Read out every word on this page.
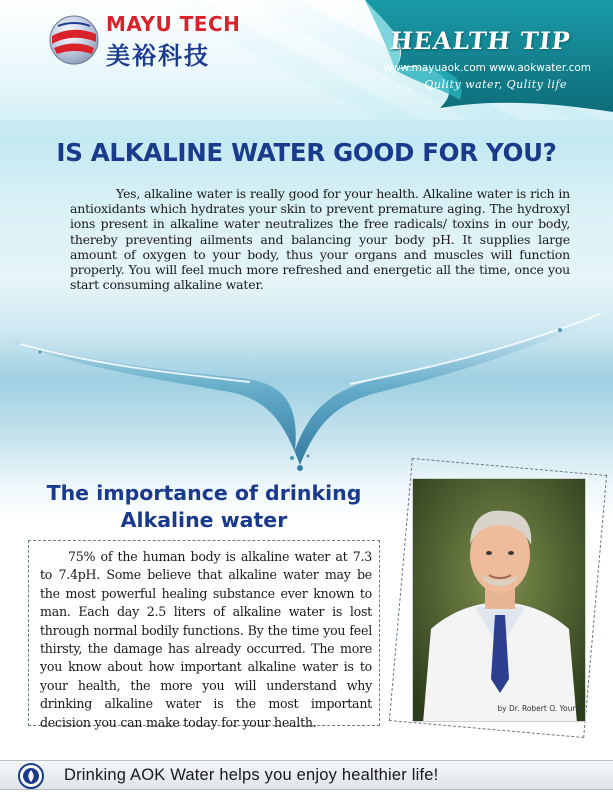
MAYU TECH
美裕科技
HEALTH TIP
www.mayuaok.com www.aokwater.com
Qulity water, Qulity life
IS ALKALINE WATER GOOD FOR YOU?

Yes, alkaline water is really good for your health. Alkaline water is rich in antioxidants which hydrates your skin to prevent premature aging. The hydroxyl ions present in alkaline water neutralizes the free radicals/ toxins in our body, thereby preventing ailments and balancing your body pH. It supplies large amount of oxygen to your body, thus your organs and muscles will function properly. You will feel much more refreshed and energetic all the time, once you start consuming alkaline water.

The importance of drinking
Alkaline water

75% of the human body is alkaline water at 7.3 to 7.4pH. Some believe that alkaline water may be the most powerful healing substance ever known to man. Each day 2.5 liters of alkaline water is lost through normal bodily functions. By the time you feel thirsty, the damage has already occurred. The more you know about how important alkaline water is to your health, the more you will understand why drinking alkaline water is the most important decision you can make today for your health.

by Dr. Robert O. Young
Drinking AOK Water helps you enjoy healthier life!
